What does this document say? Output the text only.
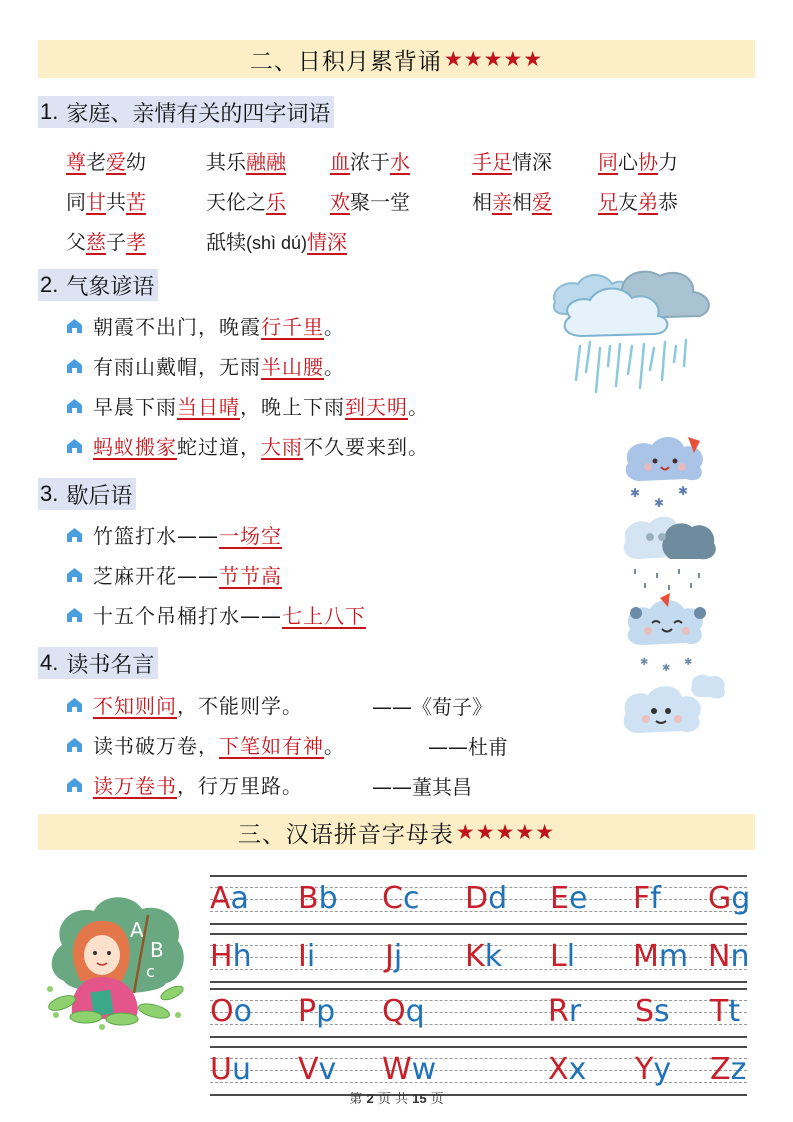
二、日积月累背诵 ★★★★★
1. 家庭、亲情有关的四字词语
尊老爱幼	其乐融融 血浓于水	手足情深 同心协力
同甘共苦	天伦之乐 欢聚一堂	相亲相爱 兄友弟恭
父慈子孝	舐犊(shì dú)情深
2. 气象谚语
朝霞不出门，晚霞 行千里 。
有雨山戴帽，无雨 半山腰 。
早晨下雨 当日晴 ，晚上下雨 到天明 。
蚂蚁搬家 蛇过道， 大雨 不久要来到。
3. 歇后语
竹篮打水—— 一场空
芝麻开花—— 节节高
十五个吊桶打水—— 七上八下
4. 读书名言
不知则问 ，不能则学。	——《荀子》
读书破万卷， 下笔如有神 。	——杜甫
读万卷书 ，行万里路。	——董其昌
三、汉语拼音字母表 ★★★★★
Aa Bb Cc Dd Ee Ff Gg
Hh Ii Jj Kk Ll Mm Nn
Oo Pp Qq	Rr Ss Tt
Uu Vv Ww	Xx Yy Zz
✱	✱
✱
✱
✱
✱
A
B
c
第 2 页 共 15 页
